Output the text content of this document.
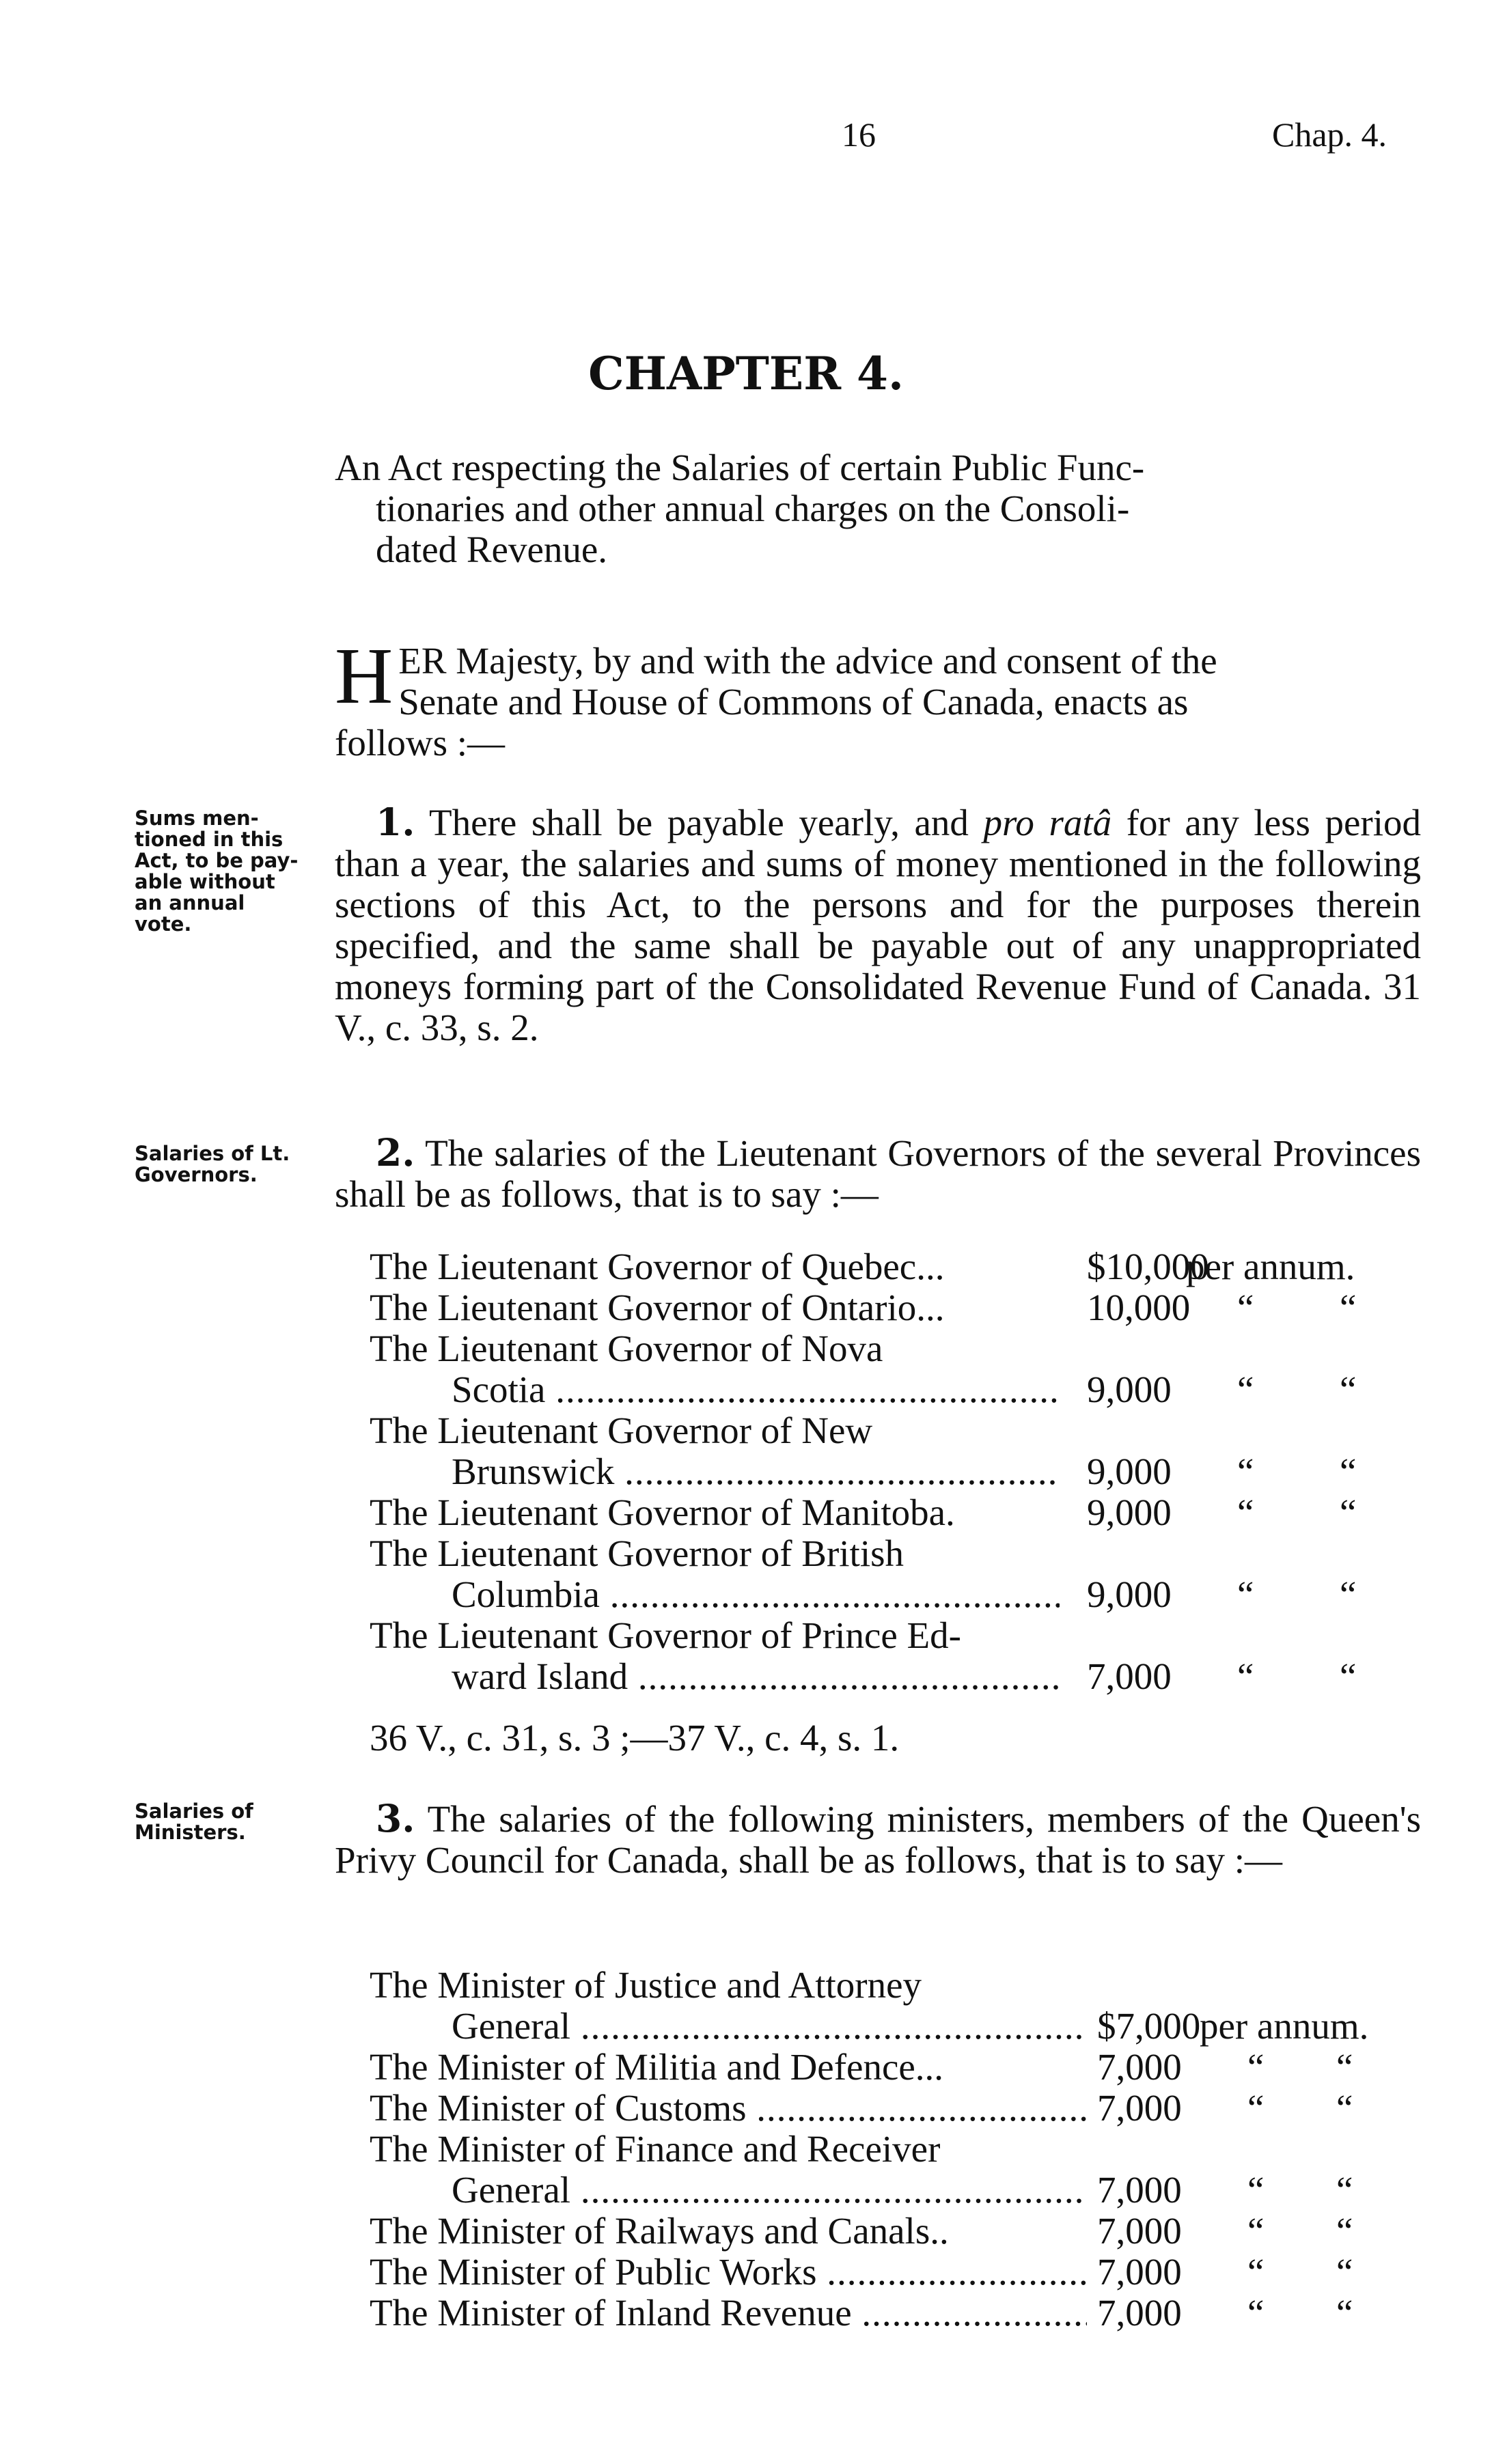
16	Chap. 4.
CHAPTER 4.
An Act respecting the Salaries of certain Public Func-
tionaries and other annual charges on the Consoli-
dated Revenue.
H ER Majesty, by and with the advice and consent of the
Senate and House of Commons of Canada, enacts as
follows :—
Sums men-
tioned in this
Act, to be pay-
able without
an annual
vote.
1. There shall be payable yearly, and pro ratâ for any less period than a year, the salaries and sums of money mentioned in the following sections of this Act, to the persons and for the purposes therein specified, and the same shall be payable out of any unappropriated moneys forming part of the Consolidated Revenue Fund of Canada. 31 V., c. 33, s. 2.
Salaries of Lt.
Governors.	2. The salaries of the Lieutenant Governors of the several Provinces shall be as follows, that is to say :—
The Lieutenant Governor of Quebec...	$10,000
per annum.
The Lieutenant Governor of Ontario...	10,000 “ “
The Lieutenant Governor of Nova
Scotia .....	9,000 “ “
The Lieutenant Governor of New
Brunswick .....	9,000 “ “
The Lieutenant Governor of Manitoba.	9,000 “ “
The Lieutenant Governor of British
Columbia .....	9,000 “ “
The Lieutenant Governor of Prince Ed-
ward Island .....	7,000 “ “
36 V., c. 31, s. 3 ;—37 V., c. 4, s. 1.
Salaries of
Ministers.	3. The salaries of the following ministers, members of the Queen's Privy Council for Canada, shall be as follows, that is to say :—
The Minister of Justice and Attorney
General .....	$7,000
per annum.
The Minister of Militia and Defence...	7,000 “ “
The Minister of Customs .....	7,000 “ “
The Minister of Finance and Receiver
General .....	7,000 “ “
The Minister of Railways and Canals..	7,000 “ “
The Minister of Public Works .....	7,000 “ “
The Minister of Inland Revenue .....	7,000 “ “
